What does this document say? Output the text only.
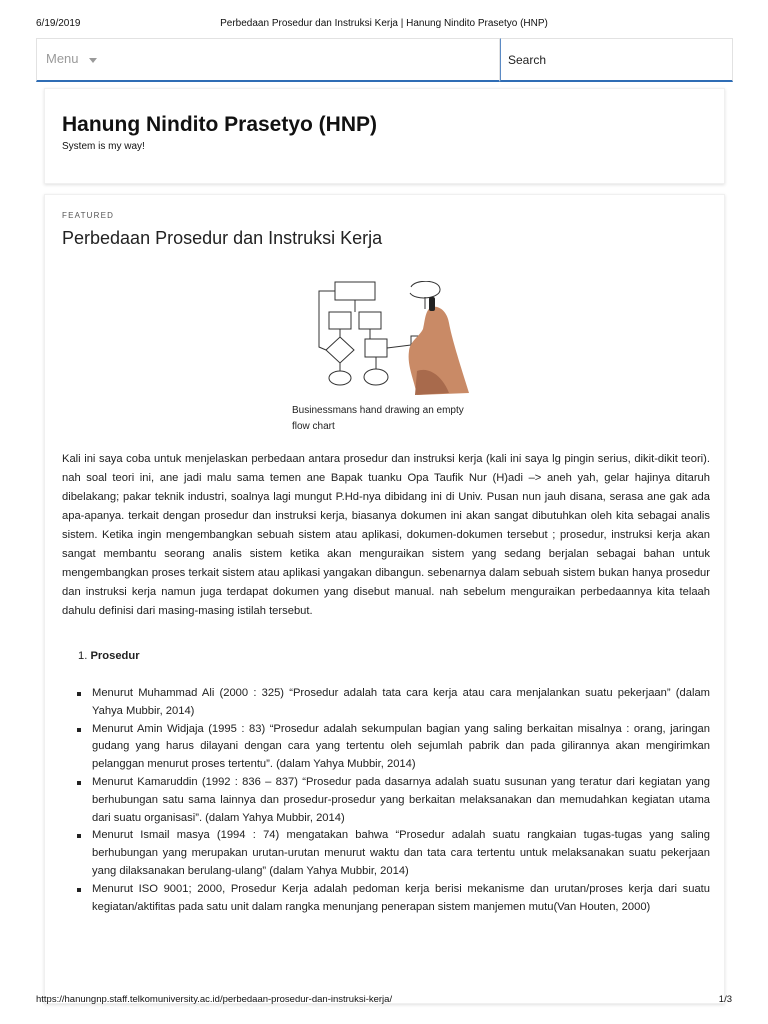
6/19/2019	Perbedaan Prosedur dan Instruksi Kerja | Hanung Nindito Prasetyo (HNP)
Menu
Search
Hanung Nindito Prasetyo (HNP)
System is my way!
FEATURED
Perbedaan Prosedur dan Instruksi Kerja
Businessmans hand drawing an empty flow chart

Kali ini saya coba untuk menjelaskan perbedaan antara prosedur dan instruksi kerja (kali ini saya lg pingin serius, dikit-dikit teori). nah soal teori ini, ane jadi malu sama temen ane Bapak tuanku Opa Taufik Nur (H)adi –> aneh yah, gelar hajinya ditaruh dibelakang; pakar teknik industri, soalnya lagi mungut P.Hd-nya dibidang ini di Univ. Pusan nun jauh disana, serasa ane gak ada apa-apanya. terkait dengan prosedur dan instruksi kerja, biasanya dokumen ini akan sangat dibutuhkan oleh kita sebagai analis sistem. Ketika ingin mengembangkan sebuah sistem atau aplikasi, dokumen-dokumen tersebut ; prosedur, instruksi kerja akan sangat membantu seorang analis sistem ketika akan menguraikan sistem yang sedang berjalan sebagai bahan untuk mengembangkan proses terkait sistem atau aplikasi yangakan dibangun. sebenarnya dalam sebuah sistem bukan hanya prosedur dan instruksi kerja namun juga terdapat dokumen yang disebut manual. nah sebelum menguraikan perbedaannya kita telaah dahulu definisi dari masing-masing istilah tersebut.

1. Prosedur
Menurut Muhammad Ali (2000 : 325) “Prosedur adalah tata cara kerja atau cara menjalankan suatu pekerjaan” (dalam Yahya Mubbir, 2014)
Menurut Amin Widjaja (1995 : 83) “Prosedur adalah sekumpulan bagian yang saling berkaitan misalnya : orang, jaringan gudang yang harus dilayani dengan cara yang tertentu oleh sejumlah pabrik dan pada gilirannya akan mengirimkan pelanggan menurut proses tertentu”. (dalam Yahya Mubbir, 2014)
Menurut Kamaruddin (1992 : 836 – 837) “Prosedur pada dasarnya adalah suatu susunan yang teratur dari kegiatan yang berhubungan satu sama lainnya dan prosedur-prosedur yang berkaitan melaksanakan dan memudahkan kegiatan utama dari suatu organisasi”. (dalam Yahya Mubbir, 2014)
Menurut Ismail masya (1994 : 74) mengatakan bahwa “Prosedur adalah suatu rangkaian tugas-tugas yang saling berhubungan yang merupakan urutan-urutan menurut waktu dan tata cara tertentu untuk melaksanakan suatu pekerjaan yang dilaksanakan berulang-ulang” (dalam Yahya Mubbir, 2014)
Menurut ISO 9001; 2000, Prosedur Kerja adalah pedoman kerja berisi mekanisme dan urutan/proses kerja dari suatu kegiatan/aktifitas pada satu unit dalam rangka menunjang penerapan sistem manjemen mutu(Van Houten, 2000)
https://hanungnp.staff.telkomuniversity.ac.id/perbedaan-prosedur-dan-instruksi-kerja/	1/3
